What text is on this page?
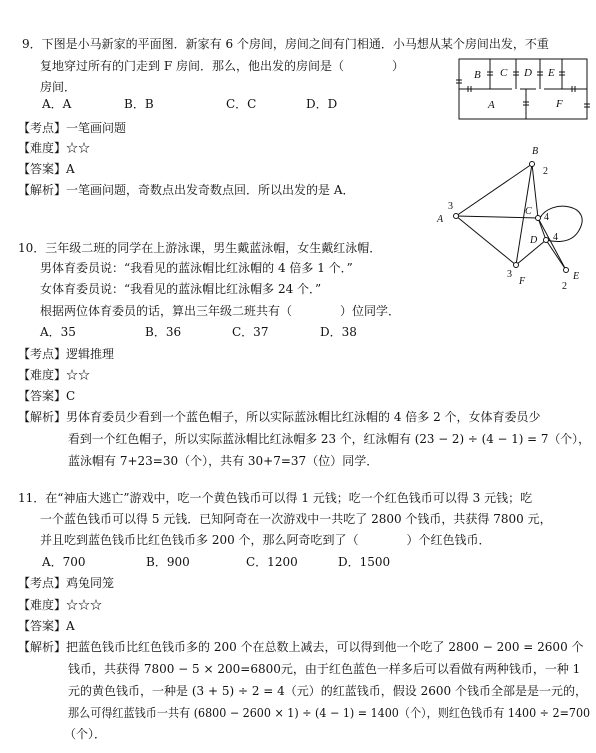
9．下图是小马新家的平面图．新家有 6 个房间，房间之间有门相通．小马想从某个房间出发，不重
复地穿过所有的门走到 F 房间．那么，他出发的房间是（　　　　）
房间．
A．A	B．B	C．C	D．D
【考点】一笔画问题
【难度】☆☆
【答案】A
【解析】一笔画问题，奇数点出发奇数点回．所以出发的是 A．
B C D E
A	F
A
B
C
D
E
F
3
2
4
4
2
3
10．三年级二班的同学在上游泳课，男生戴蓝泳帽，女生戴红泳帽．
男体育委员说：“我看见的蓝泳帽比红泳帽的 4 倍多 1 个．”
女体育委员说：“我看见的蓝泳帽比红泳帽多 24 个．”
根据两位体育委员的话，算出三年级二班共有（　　　　）位同学．
A．35	B．36	C．37	D．38
【考点】逻辑推理
【难度】☆☆
【答案】C
【解析】男体育委员少看到一个蓝色帽子，所以实际蓝泳帽比红泳帽的 4 倍多 2 个，女体育委员少
看到一个红色帽子，所以实际蓝泳帽比红泳帽多 23 个，红泳帽有 (23 − 2) ÷ (4 − 1) = 7（个），
蓝泳帽有 7+23=30（个），共有 30+7=37（位）同学．
11．在“神庙大逃亡”游戏中，吃一个黄色钱币可以得 1 元钱；吃一个红色钱币可以得 3 元钱；吃
一个蓝色钱币可以得 5 元钱．已知阿奇在一次游戏中一共吃了 2800 个钱币，共获得 7800 元，
并且吃到蓝色钱币比红色钱币多 200 个，那么阿奇吃到了（　　　　）个红色钱币．
A．700	B．900	C．1200	D．1500
【考点】鸡兔同笼
【难度】☆☆☆
【答案】A
【解析】把蓝色钱币比红色钱币多的 200 个在总数上减去，可以得到他一个吃了 2800 − 200 = 2600 个
钱币，共获得 7800 − 5 × 200=6800元，由于红色蓝色一样多后可以看做有两种钱币，一种 1
元的黄色钱币，一种是 (3 + 5) ÷ 2 = 4（元）的红蓝钱币，假设 2600 个钱币全部是是一元的，
那么可得红蓝钱币一共有 (6800 − 2600 × 1) ÷ (4 − 1) = 1400（个），则红色钱币有 1400 ÷ 2=700
（个）．
